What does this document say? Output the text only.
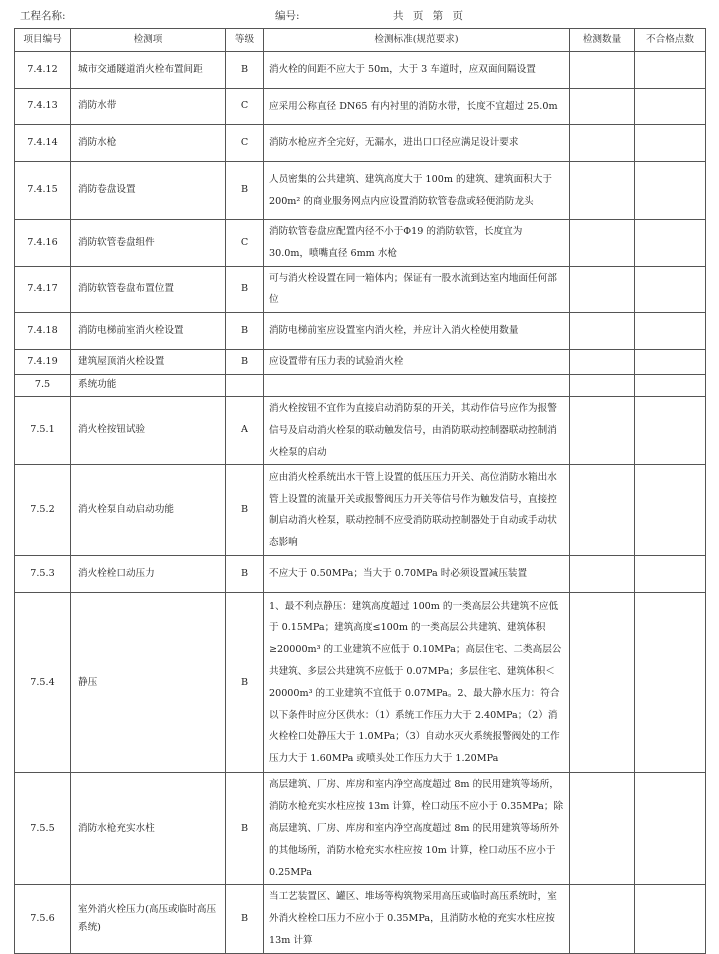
工程名称:	编号:	共 页 第 页
项目编号	检测项	等级	检测标准(规范要求)	检测数量	不合格点数
7.4.12	城市交通隧道消火栓布置间距	B	消火栓的间距不应大于 50m，大于 3 车道时，应双面间隔设置		
7.4.13	消防水带	C	应采用公称直径 DN65 有内衬里的消防水带，长度不宜超过 25.0m		
7.4.14	消防水枪	C	消防水枪应齐全完好，无漏水，进出口口径应满足设计要求		
7.4.15	消防卷盘设置	B	人员密集的公共建筑、建筑高度大于 100m 的建筑、建筑面积大于 200m² 的商业服务网点内应设置消防软管卷盘或轻便消防龙头		
7.4.16	消防软管卷盘组件	C	消防软管卷盘应配置内径不小于Φ19 的消防软管，长度宜为 30.0m，喷嘴直径 6mm 水枪		
7.4.17	消防软管卷盘布置位置	B	可与消火栓设置在同一箱体内；保证有一股水流到达室内地面任何部位		
7.4.18	消防电梯前室消火栓设置	B	消防电梯前室应设置室内消火栓，并应计入消火栓使用数量		
7.4.19	建筑屋顶消火栓设置	B	应设置带有压力表的试验消火栓		
7.5	系统功能				
7.5.1	消火栓按钮试验	A	消火栓按钮不宜作为直接启动消防泵的开关，其动作信号应作为报警信号及启动消火栓泵的联动触发信号，由消防联动控制器联动控制消火栓泵的启动		
7.5.2	消火栓泵自动启动功能	B	应由消火栓系统出水干管上设置的低压压力开关、高位消防水箱出水管上设置的流量开关或报警阀压力开关等信号作为触发信号，直接控制启动消火栓泵，联动控制不应受消防联动控制器处于自动或手动状态影响		
7.5.3	消火栓栓口动压力	B	不应大于 0.50MPa；当大于 0.70MPa 时必须设置减压装置		
7.5.4	静压	B	1、最不利点静压：建筑高度超过 100m 的一类高层公共建筑不应低于 0.15MPa；建筑高度≤100m 的一类高层公共建筑、建筑体积≥20000m³ 的工业建筑不应低于 0.10MPa；高层住宅、二类高层公共建筑、多层公共建筑不应低于 0.07MPa；多层住宅、建筑体积＜20000m³ 的工业建筑不宜低于 0.07MPa。2、最大静水压力：符合以下条件时应分区供水：（1）系统工作压力大于 2.40MPa；（2）消火栓栓口处静压大于 1.0MPa；（3）自动水灭火系统报警阀处的工作压力大于 1.60MPa 或喷头处工作压力大于 1.20MPa		
7.5.5	消防水枪充实水柱	B	高层建筑、厂房、库房和室内净空高度超过 8m 的民用建筑等场所，消防水枪充实水柱应按 13m 计算，栓口动压不应小于 0.35MPa；除高层建筑、厂房、库房和室内净空高度超过 8m 的民用建筑等场所外的其他场所，消防水枪充实水柱应按 10m 计算，栓口动压不应小于 0.25MPa		
7.5.6	室外消火栓压力(高压或临时高压系统)	B	当工艺装置区、罐区、堆场等构筑物采用高压或临时高压系统时，室外消火栓栓口压力不应小于 0.35MPa，且消防水枪的充实水柱应按 13m 计算		
